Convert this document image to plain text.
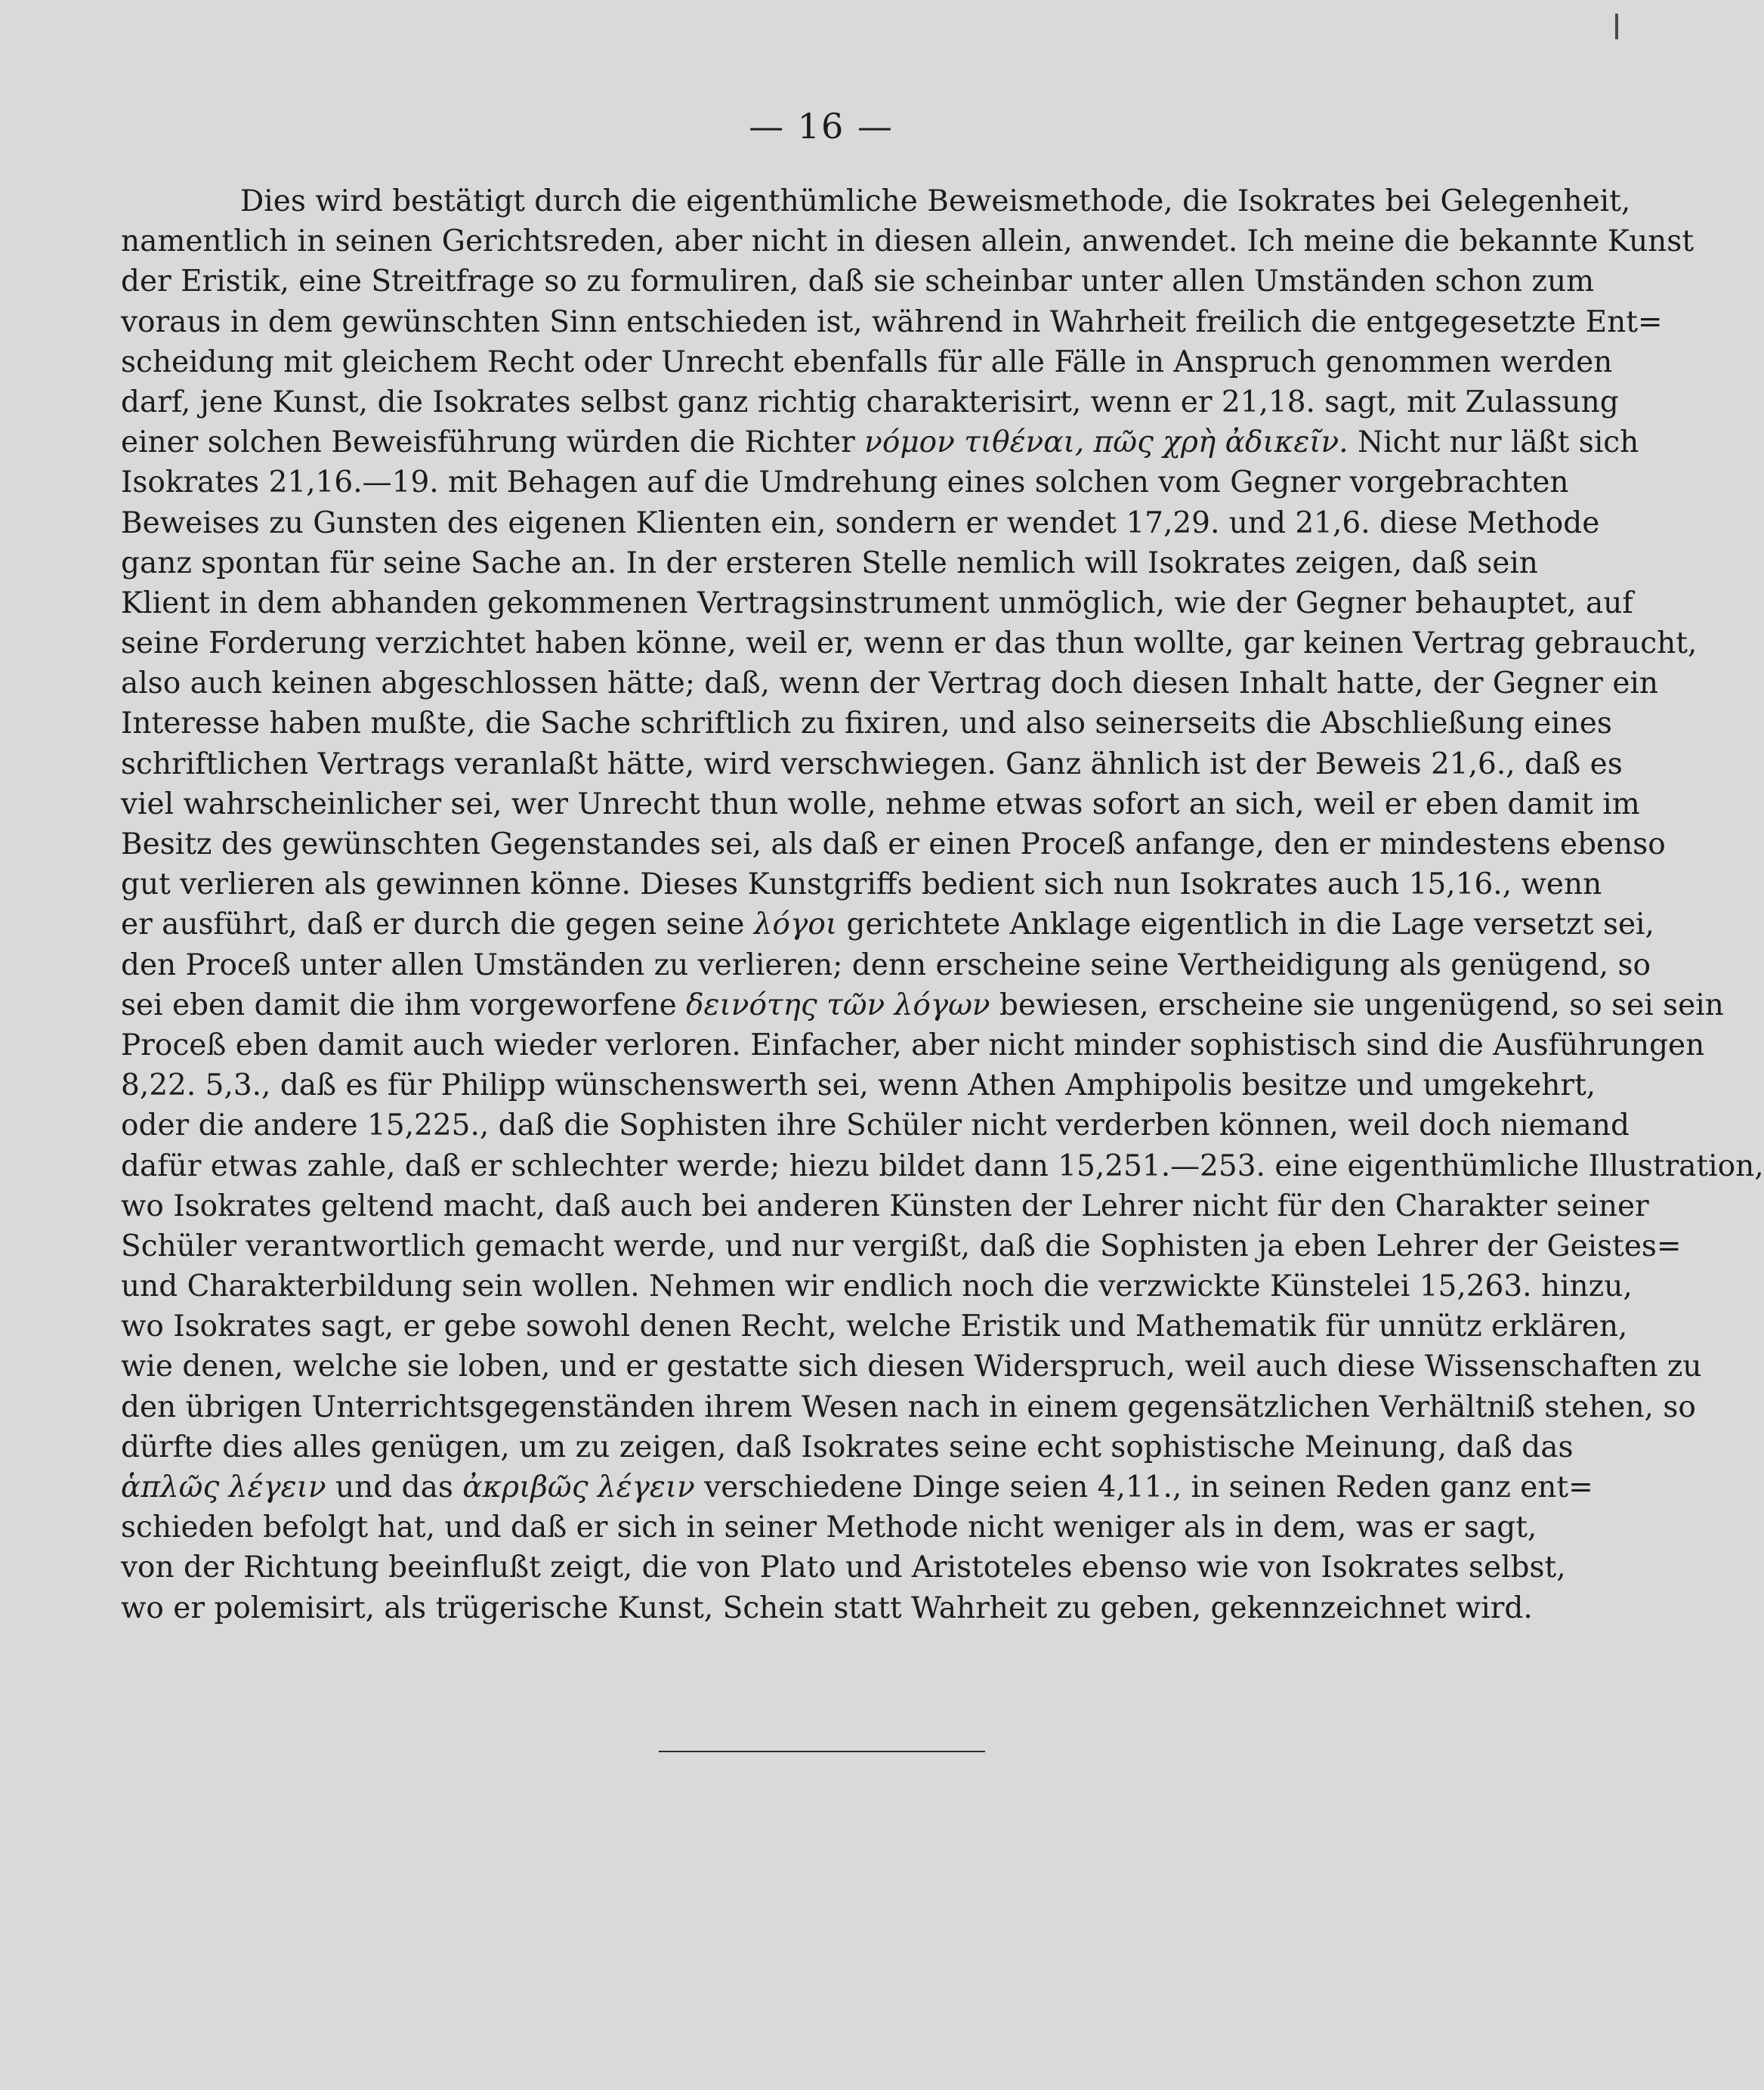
— 16 —
Dies wird bestätigt durch die eigenthümliche Beweismethode, die Isokrates bei Gelegenheit,
namentlich in seinen Gerichtsreden, aber nicht in diesen allein, anwendet. Ich meine die bekannte Kunst
der Eristik, eine Streitfrage so zu formuliren, daß sie scheinbar unter allen Umständen schon zum
voraus in dem gewünschten Sinn entschieden ist, während in Wahrheit freilich die entgegesetzte Ent=
scheidung mit gleichem Recht oder Unrecht ebenfalls für alle Fälle in Anspruch genommen werden
darf, jene Kunst, die Isokrates selbst ganz richtig charakterisirt, wenn er 21,18. sagt, mit Zulassung
einer solchen Beweisführung würden die Richter νόμον τιθέναι, πῶς χρὴ ἀδικεῖν. Nicht nur läßt sich
Isokrates 21,16.—19. mit Behagen auf die Umdrehung eines solchen vom Gegner vorgebrachten
Beweises zu Gunsten des eigenen Klienten ein, sondern er wendet 17,29. und 21,6. diese Methode
ganz spontan für seine Sache an. In der ersteren Stelle nemlich will Isokrates zeigen, daß sein
Klient in dem abhanden gekommenen Vertragsinstrument unmöglich, wie der Gegner behauptet, auf
seine Forderung verzichtet haben könne, weil er, wenn er das thun wollte, gar keinen Vertrag gebraucht,
also auch keinen abgeschlossen hätte; daß, wenn der Vertrag doch diesen Inhalt hatte, der Gegner ein
Interesse haben mußte, die Sache schriftlich zu fixiren, und also seinerseits die Abschließung eines
schriftlichen Vertrags veranlaßt hätte, wird verschwiegen. Ganz ähnlich ist der Beweis 21,6., daß es
viel wahrscheinlicher sei, wer Unrecht thun wolle, nehme etwas sofort an sich, weil er eben damit im
Besitz des gewünschten Gegenstandes sei, als daß er einen Proceß anfange, den er mindestens ebenso
gut verlieren als gewinnen könne. Dieses Kunstgriffs bedient sich nun Isokrates auch 15,16., wenn
er ausführt, daß er durch die gegen seine λόγοι gerichtete Anklage eigentlich in die Lage versetzt sei,
den Proceß unter allen Umständen zu verlieren; denn erscheine seine Vertheidigung als genügend, so
sei eben damit die ihm vorgeworfene δεινότης τῶν λόγων bewiesen, erscheine sie ungenügend, so sei sein
Proceß eben damit auch wieder verloren. Einfacher, aber nicht minder sophistisch sind die Ausführungen
8,22. 5,3., daß es für Philipp wünschenswerth sei, wenn Athen Amphipolis besitze und umgekehrt,
oder die andere 15,225., daß die Sophisten ihre Schüler nicht verderben können, weil doch niemand
dafür etwas zahle, daß er schlechter werde; hiezu bildet dann 15,251.—253. eine eigenthümliche Illustration,
wo Isokrates geltend macht, daß auch bei anderen Künsten der Lehrer nicht für den Charakter seiner
Schüler verantwortlich gemacht werde, und nur vergißt, daß die Sophisten ja eben Lehrer der Geistes=
und Charakterbildung sein wollen. Nehmen wir endlich noch die verzwickte Künstelei 15,263. hinzu,
wo Isokrates sagt, er gebe sowohl denen Recht, welche Eristik und Mathematik für unnütz erklären,
wie denen, welche sie loben, und er gestatte sich diesen Widerspruch, weil auch diese Wissenschaften zu
den übrigen Unterrichtsgegenständen ihrem Wesen nach in einem gegensätzlichen Verhältniß stehen, so
dürfte dies alles genügen, um zu zeigen, daß Isokrates seine echt sophistische Meinung, daß das
ἁπλῶς λέγειν und das ἀκριβῶς λέγειν verschiedene Dinge seien 4,11., in seinen Reden ganz ent=
schieden befolgt hat, und daß er sich in seiner Methode nicht weniger als in dem, was er sagt,
von der Richtung beeinflußt zeigt, die von Plato und Aristoteles ebenso wie von Isokrates selbst,
wo er polemisirt, als trügerische Kunst, Schein statt Wahrheit zu geben, gekennzeichnet wird.
